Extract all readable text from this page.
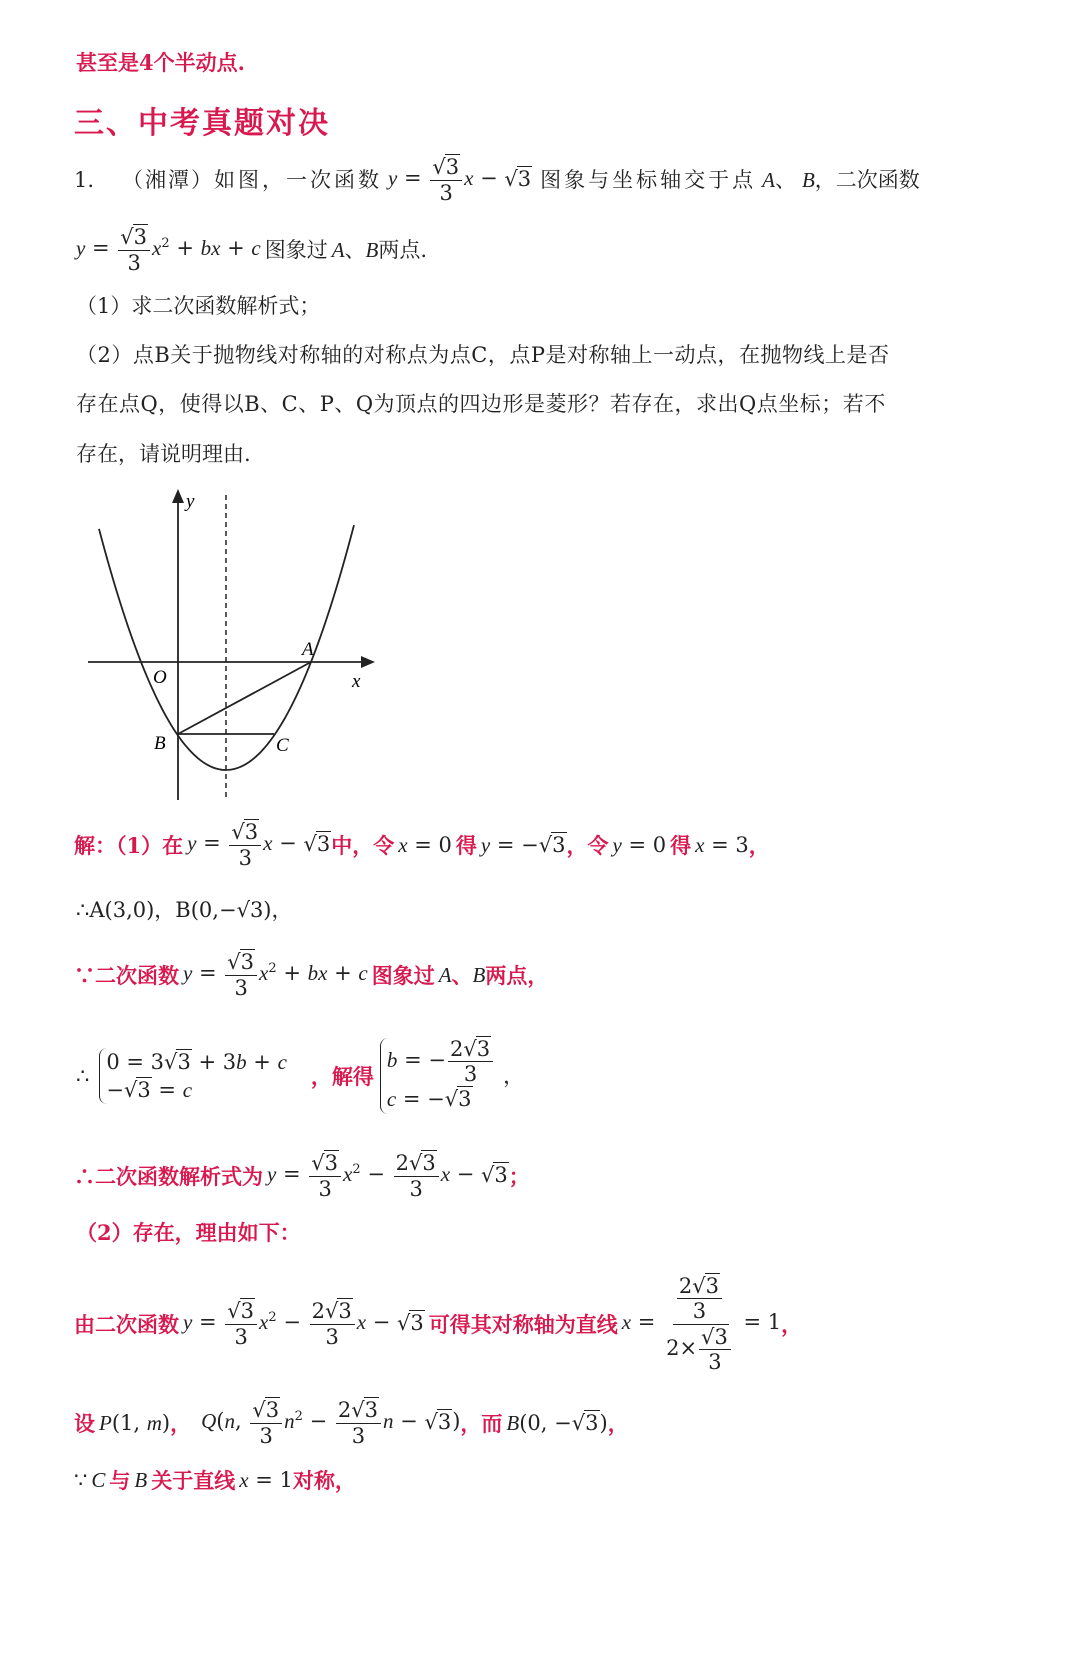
甚至是4个半动点.
三、中考真题对决
1. （湘潭） 如图，一次函数 $y = \frac{√3}{3}$ x − √3 图象与坐标轴交于点 A 、 B ，二次函数
$y = \frac{√3}{3} x^2$ + bx + c 图象过 A 、 B 两点.
（1）求二次函数解析式；
（2）点B关于抛物线对称轴的对称点为点C，点P是对称轴上一动点，在抛物线上是否
存在点Q，使得以B、C、P、Q为顶点的四边形是菱形？若存在，求出Q点坐标；若不
存在，请说明理由.
y
x
O
A
B	C
解：（1）在 $y = \frac{√3}{3}$ x − √3 中，令 x = 0 得 y = −√3 ，令 y = 0 得 x = 3 ，
∴A(3,0)，B(0,−√3)，
∵二次函数 $y = \frac{√3}{3} x^2$ + bx + c 图象过 A 、 B 两点，
∴
0 = 3√3 + 3b + c
−√3 = c
，解得
b = − $\frac{2√3}{3}$
c = −√3
，
∴二次函数解析式为 $y = \frac{√3}{3} x^2 - \frac{2√3}{3}$ x − √3 ；
（2）存在，理由如下：
由二次函数 $y = \frac{√3}{3} x^2 - \frac{2√3}{3}$ x − √3 可得其对称轴为直线 $x = \frac{\frac{2√3}{3}}{2\times \frac{√3}{3}} = 1$ ，
设 P(1, m) ， Q(n, $\frac{√3}{3} n^2 - \frac{2√3}{3}$ n − √3) ， 而 B(0, −√3) ，
∵ C 与 B 关于直线 x = 1 对称，
